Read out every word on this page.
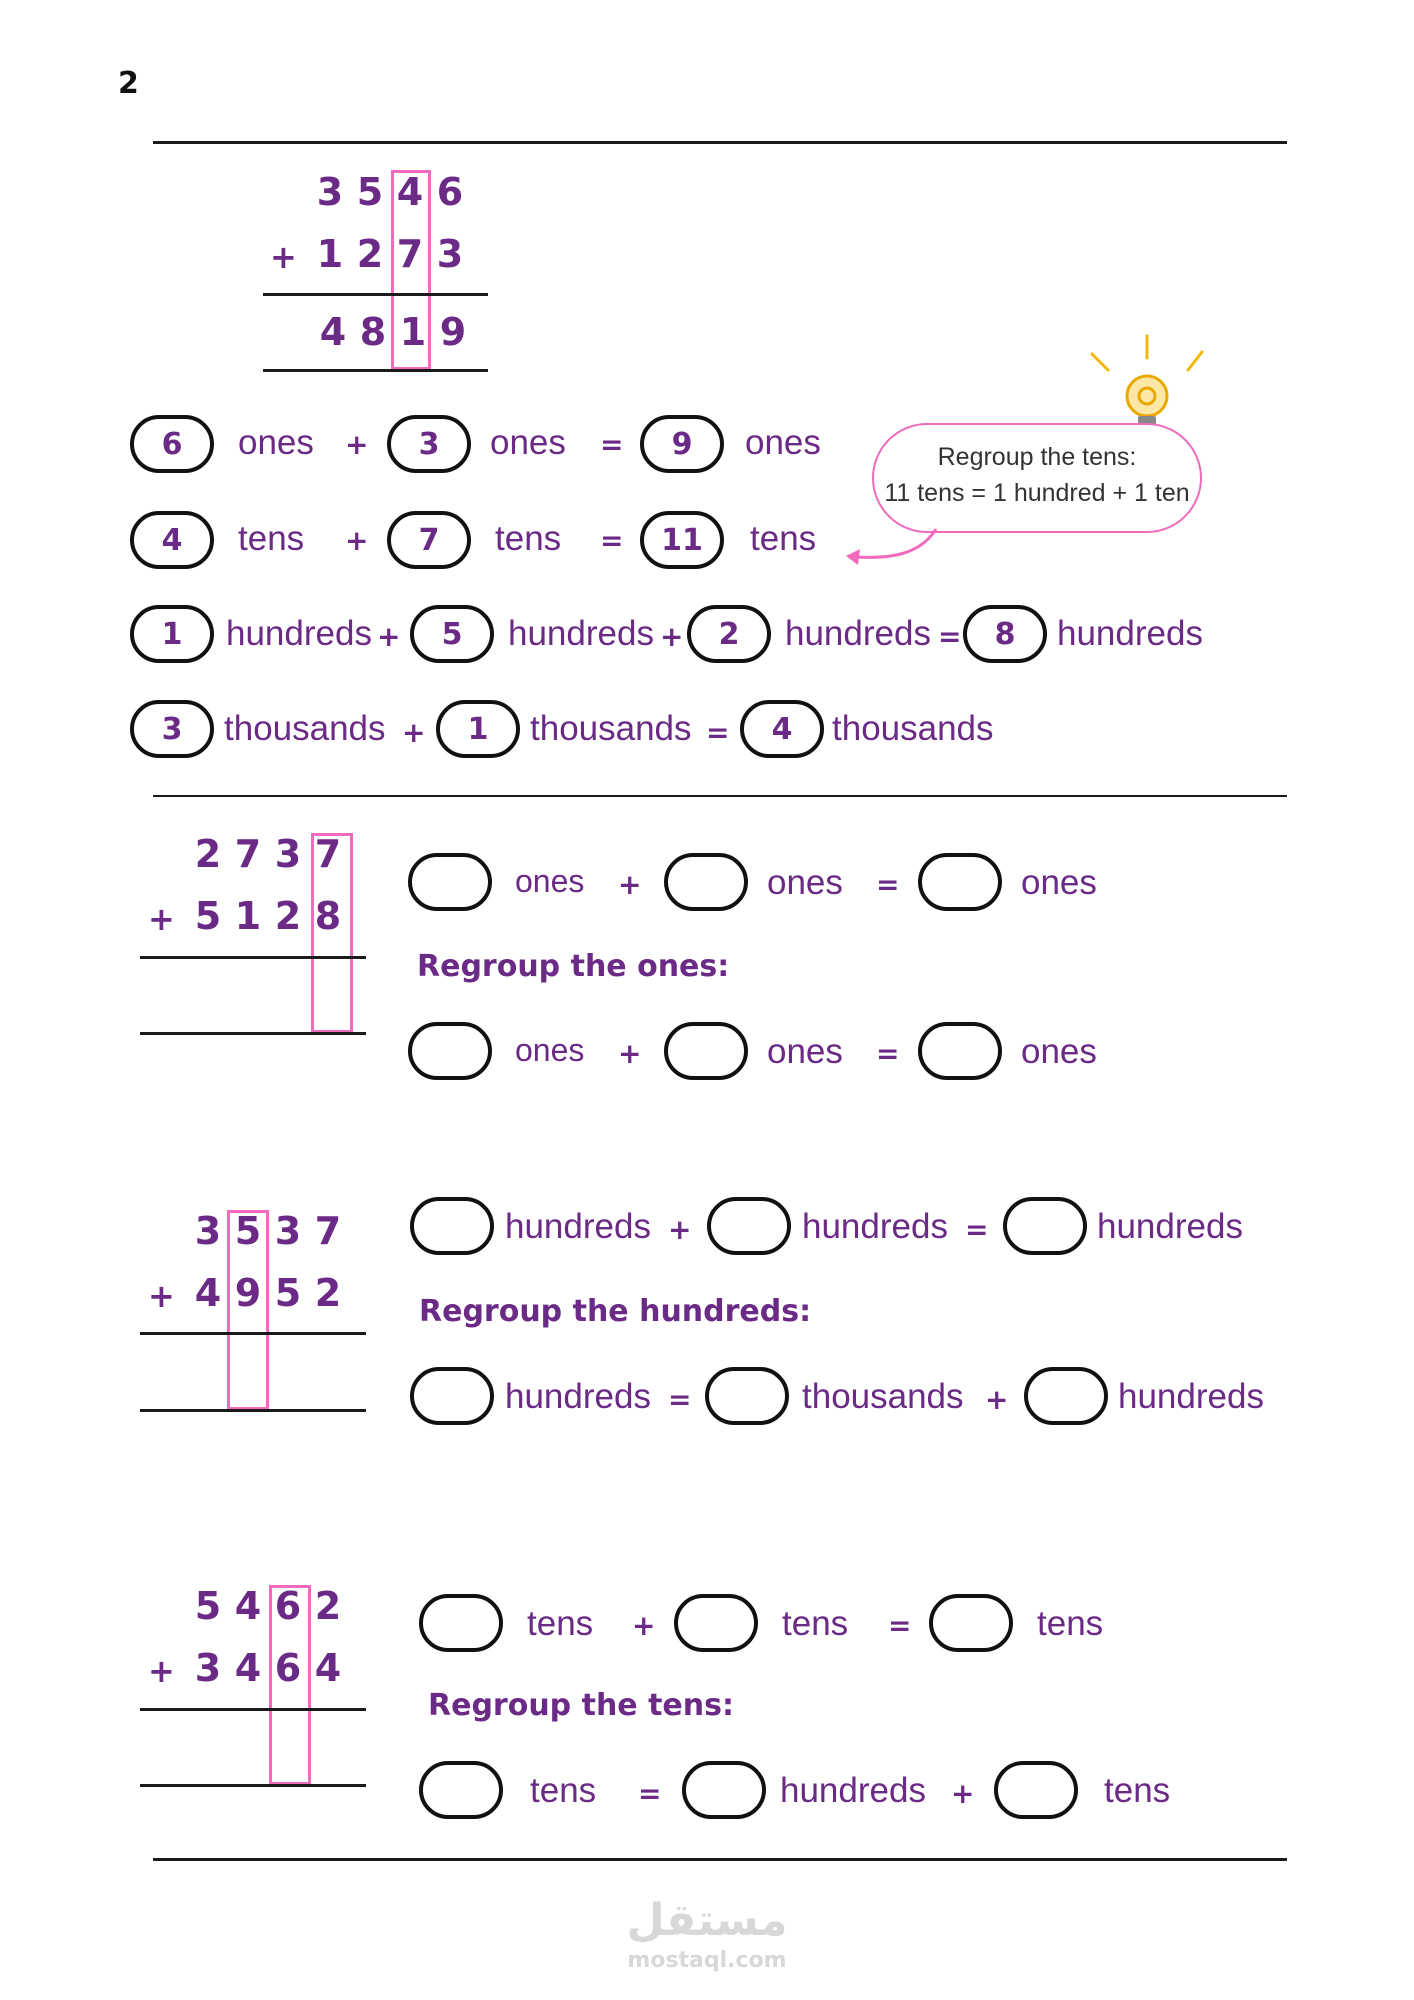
2
3 5 4 6
+ 1 2 7 3
4 8 1 9
6	ones +	3	ones =	9	ones
4	tens +	7	tens =	11	tens
1	hundreds +	5	hundreds +	2	hundreds =	8	hundreds
3	thousands +	1	thousands =	4	thousands
Regroup the tens:
11 tens = 1 hundred + 1 ten
2 7 3 7
+ 5 1 2 8
ones +	ones =	ones
Regroup the ones:
ones +	ones =	ones
3 5 3 7
+ 4 9 5 2
hundreds +	hundreds =	hundreds
Regroup the hundreds:
hundreds =	thousands +	hundreds
5 4 6 2
+ 3 4 6 4
tens +	tens =	tens
Regroup the tens:
tens =	hundreds +	tens
مستقل
mostaql.com
